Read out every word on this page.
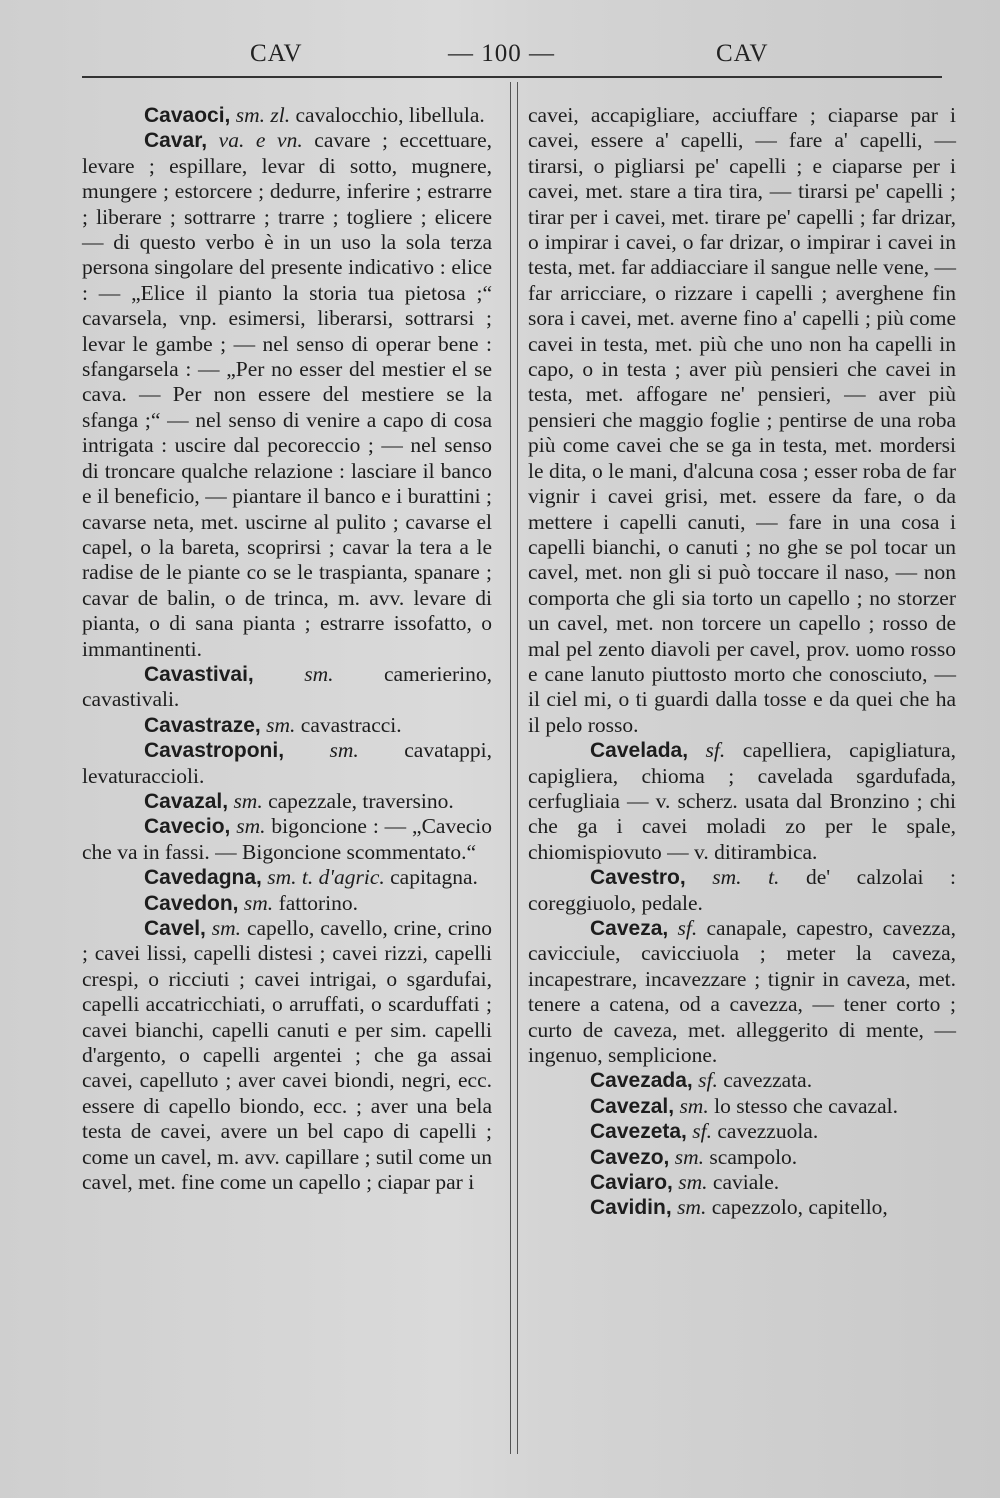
CAV	— 100 —	CAV

Cavaoci, sm. zl. cavalocchio, libellula.

Cavar, va. e vn. cavare ; eccettuare, levare ; espillare, levar di sotto, mugnere, mungere ; estorcere ; dedurre, inferire ; estrarre ; liberare ; sottrarre ; trarre ; togliere ; elicere — di questo verbo è in un uso la sola terza persona singolare del presente indicativo : elice : — „Elice il pianto la storia tua pietosa ;“ cavarsela, vnp. esimersi, liberarsi, sottrarsi ; levar le gambe ; — nel senso di operar bene : sfangarsela : — „Per no esser del mestier el se cava. — Per non essere del mestiere se la sfanga ;“ — nel senso di venire a capo di cosa intrigata : uscire dal pecoreccio ; — nel senso di troncare qualche relazione : lasciare il banco e il beneficio, — piantare il banco e i burattini ; cavarse neta, met. uscirne al pulito ; cavarse el capel, o la bareta, scoprirsi ; cavar la tera a le radise de le piante co se le traspianta, spanare ; cavar de balin, o de trinca, m. avv. levare di pianta, o di sana pianta ; estrarre issofatto, o immantinenti.

Cavastivai, sm. camerierino, cavastivali.

Cavastraze, sm. cavastracci.

Cavastroponi, sm. cavatappi, levaturaccioli.

Cavazal, sm. capezzale, traversino.

Cavecio, sm. bigoncione : — „Cavecio che va in fassi. — Bigoncione scommentato.“

Cavedagna, sm. t. d'agric. capitagna.

Cavedon, sm. fattorino.

Cavel, sm. capello, cavello, crine, crino ; cavei lissi, capelli distesi ; cavei rizzi, capelli crespi, o ricciuti ; cavei intrigai, o sgardufai, capelli accatricchiati, o arruffati, o scarduffati ; cavei bianchi, capelli canuti e per sim. capelli d'argento, o capelli argentei ; che ga assai cavei, capelluto ; aver cavei biondi, negri, ecc. essere di capello biondo, ecc. ; aver una bela testa de cavei, avere un bel capo di capelli ; come un cavel, m. avv. capillare ; sutil come un cavel, met. fine come un capello ; ciapar par i

cavei, accapigliare, acciuffare ; ciaparse par i cavei, essere a' capelli, — fare a' capelli, — tirarsi, o pigliarsi pe' capelli ; e ciaparse per i cavei, met. stare a tira tira, — tirarsi pe' capelli ; tirar per i cavei, met. tirare pe' capelli ; far drizar, o impirar i cavei, o far drizar, o impirar i cavei in testa, met. far addiacciare il sangue nelle vene, — far arricciare, o rizzare i capelli ; averghene fin sora i cavei, met. averne fino a' capelli ; più come cavei in testa, met. più che uno non ha capelli in capo, o in testa ; aver più pensieri che cavei in testa, met. affogare ne' pensieri, — aver più pensieri che maggio foglie ; pentirse de una roba più come cavei che se ga in testa, met. mordersi le dita, o le mani, d'alcuna cosa ; esser roba de far vignir i cavei grisi, met. essere da fare, o da mettere i capelli canuti, — fare in una cosa i capelli bianchi, o canuti ; no ghe se pol tocar un cavel, met. non gli si può toccare il naso, — non comporta che gli sia torto un capello ; no storzer un cavel, met. non torcere un capello ; rosso de mal pel zento diavoli per cavel, prov. uomo rosso e cane lanuto piuttosto morto che conosciuto, — il ciel mi, o ti guardi dalla tosse e da quei che ha il pelo rosso.

Cavelada, sf. capelliera, capigliatura, capigliera, chioma ; cavelada sgardufada, cerfugliaia — v. scherz. usata dal Bronzino ; chi che ga i cavei moladi zo per le spale, chiomispiovuto — v. ditirambica.

Cavestro, sm. t. de' calzolai : coreggiuolo, pedale.

Caveza, sf. canapale, capestro, cavezza, cavicciule, cavicciuola ; meter la caveza, incapestrare, incavezzare ; tignir in caveza, met. tenere a catena, od a cavezza, — tener corto ; curto de caveza, met. alleggerito di mente, — ingenuo, semplicione.

Cavezada, sf. cavezzata.

Cavezal, sm. lo stesso che cavazal.

Cavezeta, sf. cavezzuola.

Cavezo, sm. scampolo.

Caviaro, sm. caviale.

Cavidin, sm. capezzolo, capitello,
